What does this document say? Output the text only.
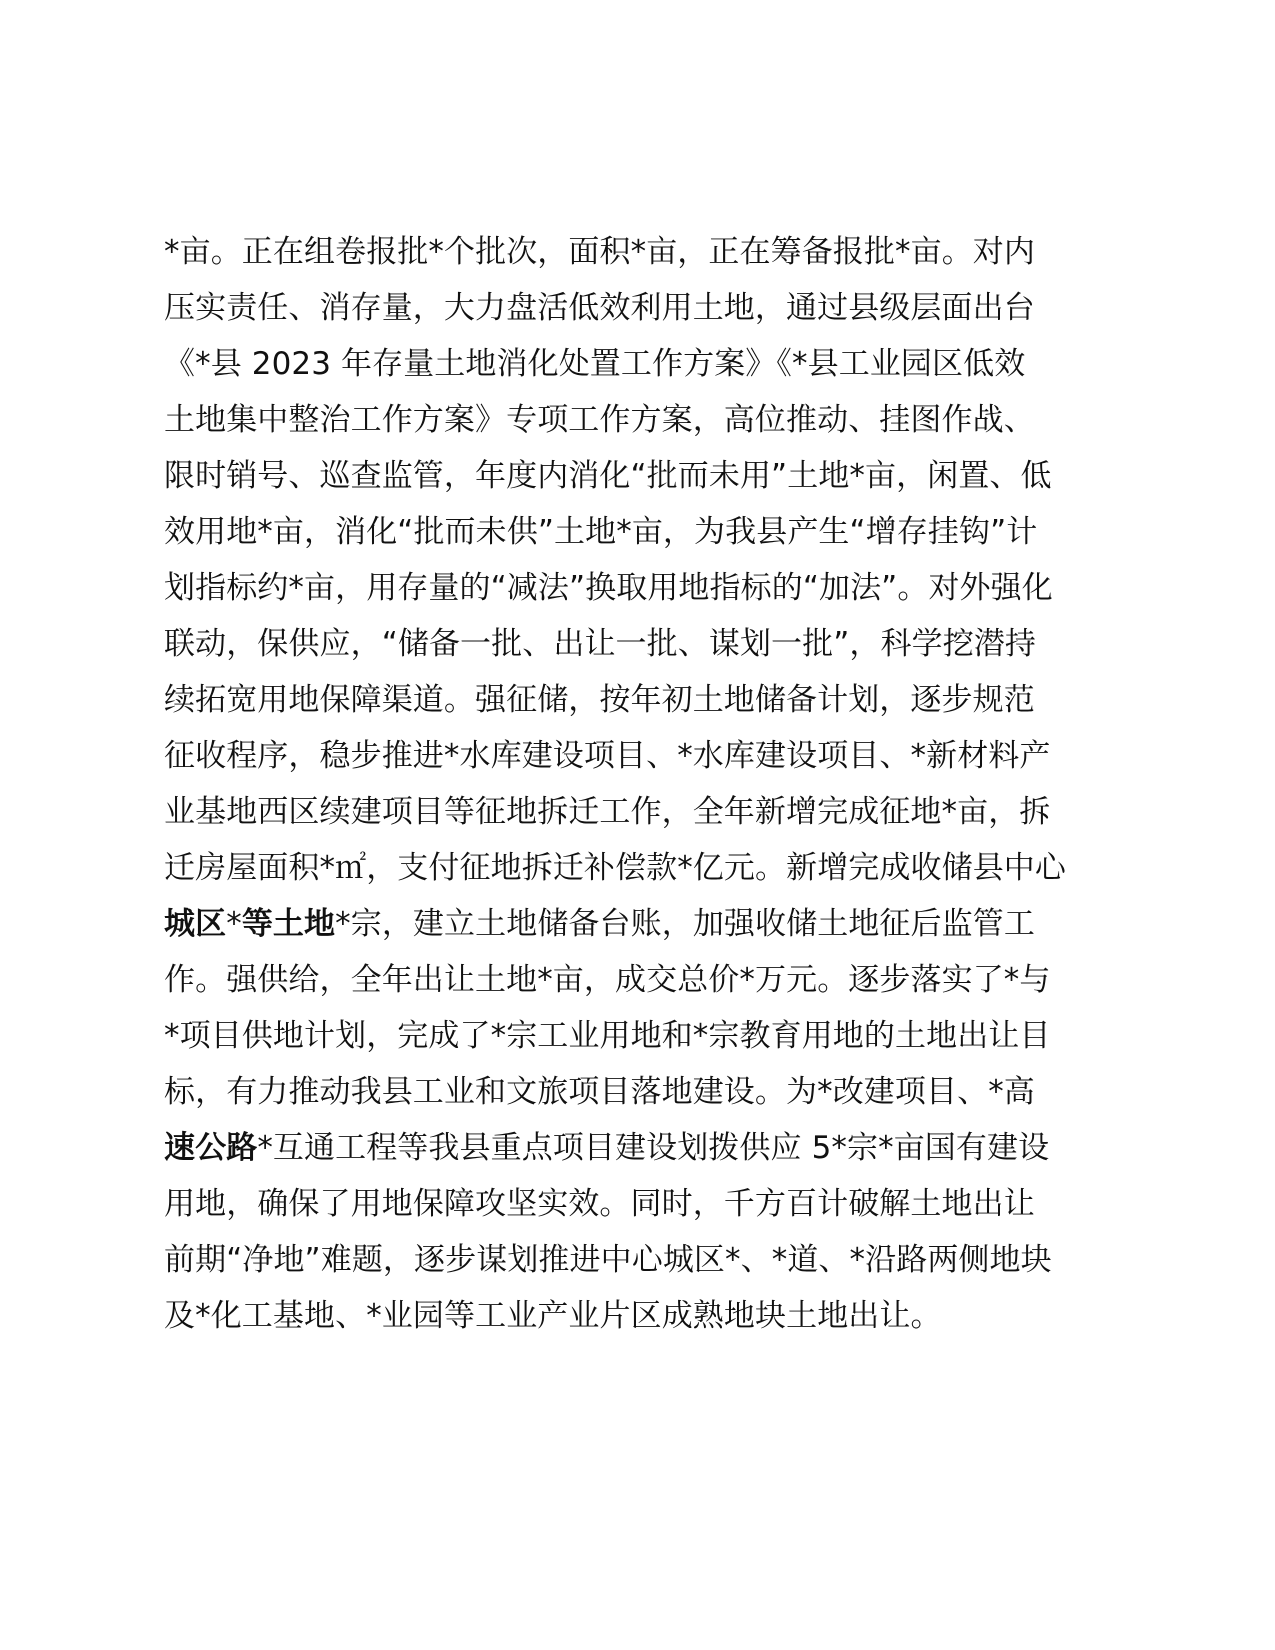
*亩。正在组卷报批*个批次，面积*亩，正在筹备报批*亩。对内
压实责任、消存量，大力盘活低效利用土地，通过县级层面出台
《*县 2023 年存量土地消化处置工作方案》《*县工业园区低效
土地集中整治工作方案》专项工作方案，高位推动、挂图作战、
限时销号、巡查监管，年度内消化“批而未用”土地*亩，闲置、低
效用地*亩，消化“批而未供”土地*亩，为我县产生“增存挂钩”计
划指标约*亩，用存量的“减法”换取用地指标的“加法”。对外强化
联动，保供应，“储备一批、出让一批、谋划一批”，科学挖潜持
续拓宽用地保障渠道。强征储，按年初土地储备计划，逐步规范
征收程序，稳步推进*水库建设项目、*水库建设项目、*新材料产
业基地西区续建项目等征地拆迁工作，全年新增完成征地*亩，拆
迁房屋面积*㎡，支付征地拆迁补偿款*亿元。新增完成收储县中心
城区*等土地*宗，建立土地储备台账，加强收储土地征后监管工
作。强供给，全年出让土地*亩，成交总价*万元。逐步落实了*与
*项目供地计划，完成了*宗工业用地和*宗教育用地的土地出让目
标，有力推动我县工业和文旅项目落地建设。为*改建项目、*高
速公路*互通工程等我县重点项目建设划拨供应 5*宗*亩国有建设
用地，确保了用地保障攻坚实效。同时，千方百计破解土地出让
前期“净地”难题，逐步谋划推进中心城区*、*道、*沿路两侧地块
及*化工基地、*业园等工业产业片区成熟地块土地出让。
